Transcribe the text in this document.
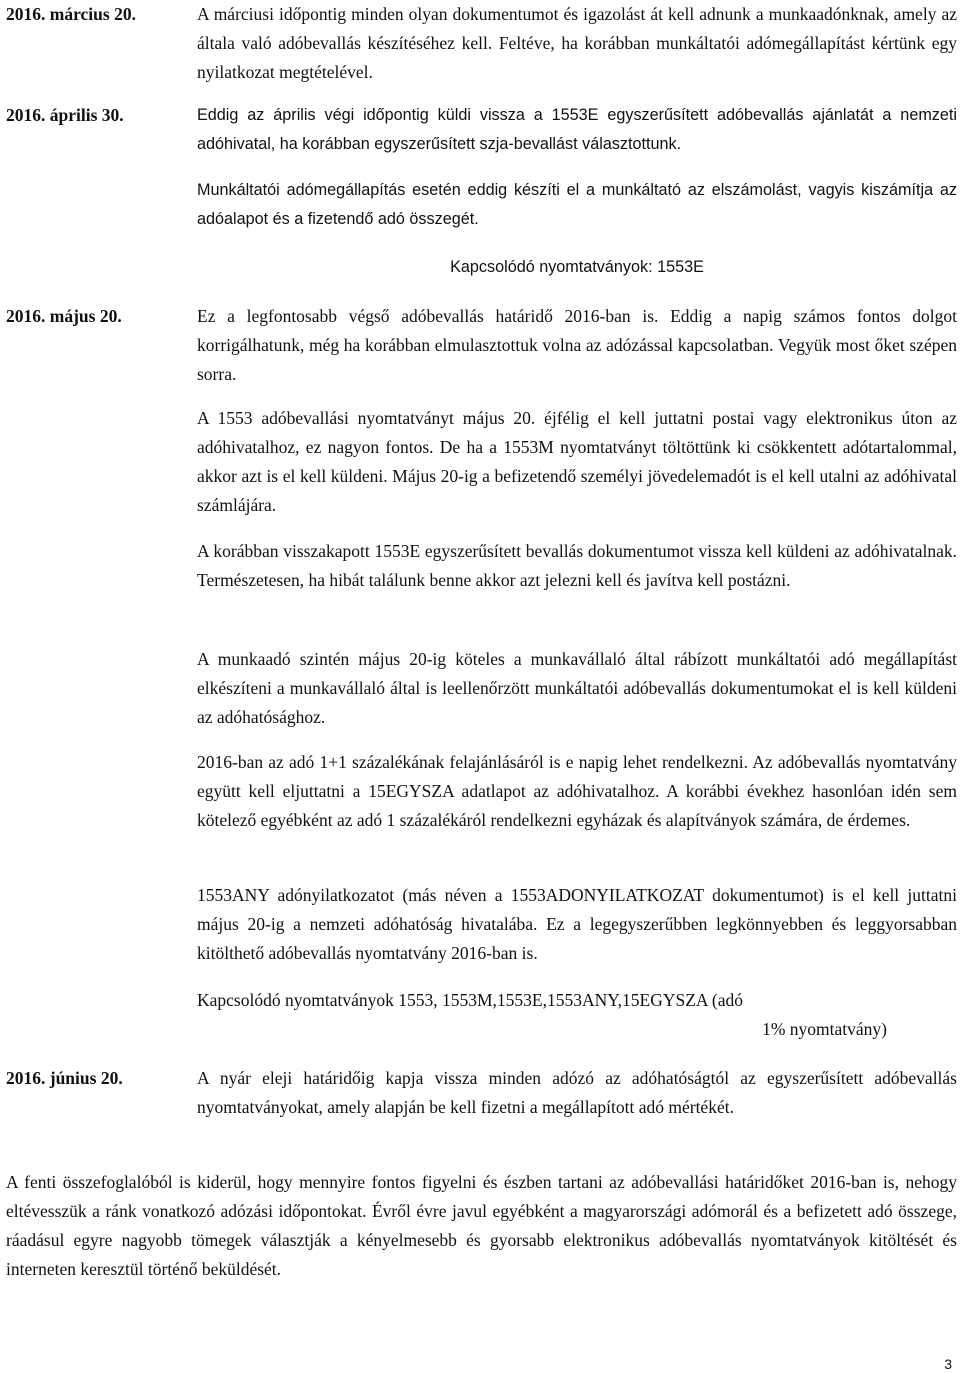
2016. március 20.	A márciusi időpontig minden olyan dokumentumot és igazolást át kell adnunk a munkaadónknak, amely az általa való adóbevallás készítéséhez kell. Feltéve, ha korábban munkáltatói adómegállapítást kértünk egy nyilatkozat megtételével.
2016. április 30.	Eddig az április végi időpontig küldi vissza a 1553E egyszerűsített adóbevallás ajánlatát a nemzeti adóhivatal, ha korábban egyszerűsített szja-bevallást választottunk.
Munkáltatói adómegállapítás esetén eddig készíti el a munkáltató az elszámolást, vagyis kiszámítja az adóalapot és a fizetendő adó összegét.
Kapcsolódó nyomtatványok: 1553E
2016. május 20.	Ez a legfontosabb végső adóbevallás határidő 2016-ban is. Eddig a napig számos fontos dolgot korrigálhatunk, még ha korábban elmulasztottuk volna az adózással kapcsolatban. Vegyük most őket szépen sorra.
A 1553 adóbevallási nyomtatványt május 20. éjfélig el kell juttatni postai vagy elektronikus úton az adóhivatalhoz, ez nagyon fontos. De ha a 1553M nyomtatványt töltöttünk ki csökkentett adótartalommal, akkor azt is el kell küldeni. Május 20-ig a befizetendő személyi jövedelemadót is el kell utalni az adóhivatal számlájára.
A korábban visszakapott 1553E egyszerűsített bevallás dokumentumot vissza kell küldeni az adóhivatalnak. Természetesen, ha hibát találunk benne akkor azt jelezni kell és javítva kell postázni.
A munkaadó szintén május 20-ig köteles a munkavállaló által rábízott munkáltatói adó megállapítást elkészíteni a munkavállaló által is leellenőrzött munkáltatói adóbevallás dokumentumokat el is kell küldeni az adóhatósághoz.
2016-ban az adó 1+1 százalékának felajánlásáról is e napig lehet rendelkezni. Az adóbevallás nyomtatvány együtt kell eljuttatni a 15EGYSZA adatlapot az adóhivatalhoz. A korábbi évekhez hasonlóan idén sem kötelező egyébként az adó 1 százalékáról rendelkezni egyházak és alapítványok számára, de érdemes.
1553ANY adónyilatkozatot (más néven a 1553ADONYILATKOZAT dokumentumot) is el kell juttatni május 20-ig a nemzeti adóhatóság hivatalába. Ez a legegyszerűbben legkönnyebben és leggyorsabban kitölthető adóbevallás nyomtatvány 2016-ban is.
Kapcsolódó nyomtatványok 1553, 1553M,1553E,1553ANY,15EGYSZA (adó
1% nyomtatvány)
2016. június 20.	A nyár eleji határidőig kapja vissza minden adózó az adóhatóságtól az egyszerűsített adóbevallás nyomtatványokat, amely alapján be kell fizetni a megállapított adó mértékét.
A fenti összefoglalóból is kiderül, hogy mennyire fontos figyelni és észben tartani az adóbevallási határidőket 2016-ban is, nehogy eltévesszük a ránk vonatkozó adózási időpontokat. Évről évre javul egyébként a magyarországi adómorál és a befizetett adó összege, ráadásul egyre nagyobb tömegek választják a kényelmesebb és gyorsabb elektronikus adóbevallás nyomtatványok kitöltését és interneten keresztül történő beküldését.
3
